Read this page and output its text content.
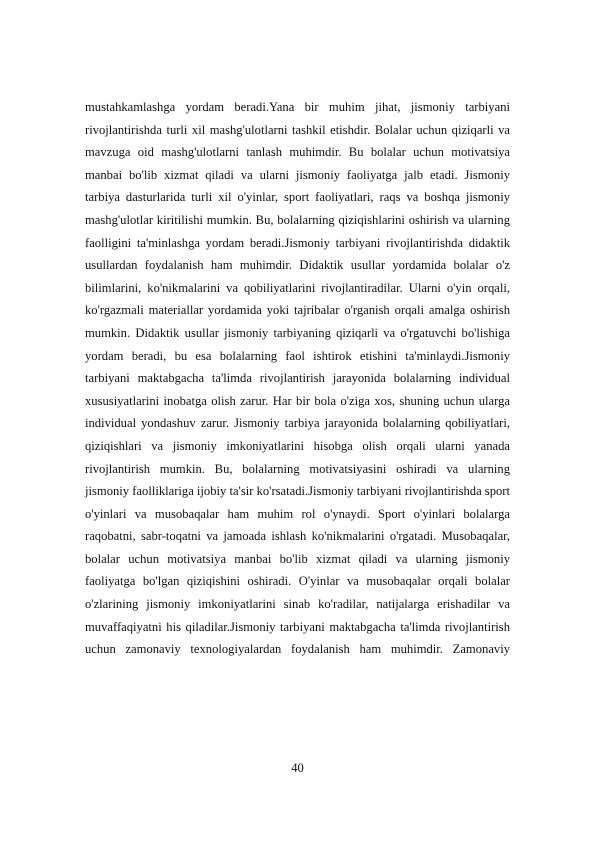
mustahkamlashga yordam beradi.Yana bir muhim jihat, jismoniy tarbiyani rivojlantirishda turli xil mashg'ulotlarni tashkil etishdir. Bolalar uchun qiziqarli va mavzuga oid mashg'ulotlarni tanlash muhimdir. Bu bolalar uchun motivatsiya manbai bo'lib xizmat qiladi va ularni jismoniy faoliyatga jalb etadi. Jismoniy tarbiya dasturlarida turli xil o'yinlar, sport faoliyatlari, raqs va boshqa jismoniy mashg'ulotlar kiritilishi mumkin. Bu, bolalarning qiziqishlarini oshirish va ularning faolligini ta'minlashga yordam beradi.Jismoniy tarbiyani rivojlantirishda didaktik usullardan foydalanish ham muhimdir. Didaktik usullar yordamida bolalar o'z bilimlarini, ko'nikmalarini va qobiliyatlarini rivojlantiradilar. Ularni o'yin orqali, ko'rgazmali materiallar yordamida yoki tajribalar o'rganish orqali amalga oshirish mumkin. Didaktik usullar jismoniy tarbiyaning qiziqarli va o'rgatuvchi bo'lishiga yordam beradi, bu esa bolalarning faol ishtirok etishini ta'minlaydi.Jismoniy tarbiyani maktabgacha ta'limda rivojlantirish jarayonida bolalarning individual xususiyatlarini inobatga olish zarur. Har bir bola o'ziga xos, shuning uchun ularga individual yondashuv zarur. Jismoniy tarbiya jarayonida bolalarning qobiliyatlari, qiziqishlari va jismoniy imkoniyatlarini hisobga olish orqali ularni yanada rivojlantirish mumkin. Bu, bolalarning motivatsiyasini oshiradi va ularning jismoniy faolliklariga ijobiy ta'sir ko'rsatadi.Jismoniy tarbiyani rivojlantirishda sport o'yinlari va musobaqalar ham muhim rol o'ynaydi. Sport o'yinlari bolalarga raqobatni, sabr-toqatni va jamoada ishlash ko'nikmalarini o'rgatadi. Musobaqalar, bolalar uchun motivatsiya manbai bo'lib xizmat qiladi va ularning jismoniy faoliyatga bo'lgan qiziqishini oshiradi. O'yinlar va musobaqalar orqali bolalar o'zlarining jismoniy imkoniyatlarini sinab ko'radilar, natijalarga erishadilar va muvaffaqiyatni his qiladilar.Jismoniy tarbiyani maktabgacha ta'limda rivojlantirish uchun zamonaviy texnologiyalardan foydalanish ham muhimdir. Zamonaviy

40
